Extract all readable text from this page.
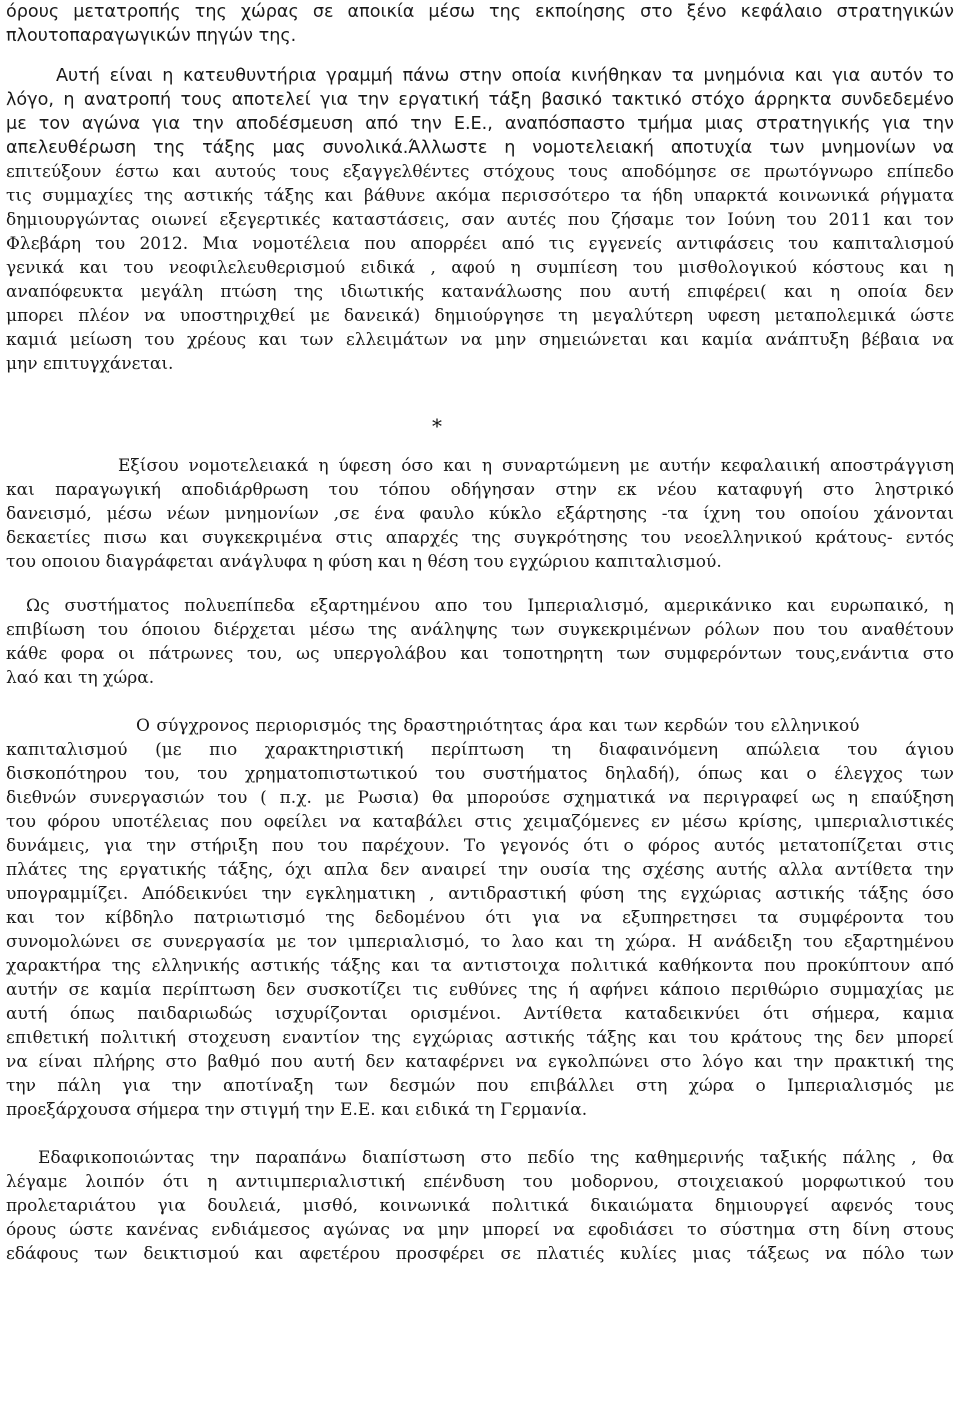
όρους μετατροπής της χώρας σε αποικία μέσω της εκποίησης στο ξένο κεφάλαιο στρατηγικών

πλουτοπαραγωγικών πηγών της.

Αυτή είναι η κατευθυντήρια γραμμή πάνω στην οποία κινήθηκαν τα μνημόνια και για αυτόν το

λόγο, η ανατροπή τους αποτελεί για την εργατική τάξη βασικό τακτικό στόχο άρρηκτα συνδεδεμένο

με τον αγώνα για την αποδέσμευση από την Ε.Ε., αναπόσπαστο τμήμα μιας στρατηγικής για την

απελευθέρωση της τάξης μας συνολικά.Άλλωστε η νομοτελειακή αποτυχία των μνημονίων να

επιτεύξουν έστω και αυτούς τους εξαγγελθέντες στόχους τους αποδόμησε σε πρωτόγνωρο επίπεδο

τις συμμαχίες της αστικής τάξης και βάθυνε ακόμα περισσότερο τα ήδη υπαρκτά κοινωνικά ρήγματα

δημιουργώντας οιωνεί εξεγερτικές καταστάσεις, σαν αυτές που ζήσαμε τον Ιούνη του 2011 και τον

Φλεβάρη του 2012. Μια νομοτέλεια που απορρέει από τις εγγενείς αντιφάσεις του καπιταλισμού

γενικά και του νεοφιλελευθερισμού ειδικά , αφού η συμπίεση του μισθολογικού κόστους και η

αναπόφευκτα μεγάλη πτώση της ιδιωτικής κατανάλωσης που αυτή επιφέρει( και η οποία δεν

μπορει πλέον να υποστηριχθεί με δανεικά) δημιούργησε τη μεγαλύτερη υφεση μεταπολεμικά ώστε

καμιά μείωση του χρέους και των ελλειμάτων να μην σημειώνεται και καμία ανάπτυξη βέβαια να

μην επιτυγχάνεται.

*

Εξίσου νομοτελειακά η ύφεση όσο και η συναρτώμενη με αυτήν κεφαλαιική αποστράγγιση

και παραγωγική αποδιάρθρωση του τόπου οδήγησαν στην εκ νέου καταφυγή στο ληστρικό

δανεισμό, μέσω νέων μνημονίων ,σε ένα φαυλο κύκλο εξάρτησης -τα ίχνη του οποίου χάνονται

δεκαετίες πισω και συγκεκριμένα στις απαρχές της συγκρότησης του νεοελληνικού κράτους- εντός

του οποιου διαγράφεται ανάγλυφα η φύση και η θέση του εγχώριου καπιταλισμού.

Ως συστήματος πολυεπίπεδα εξαρτημένου απο του Ιμπεριαλισμό, αμερικάνικο και ευρωπαικό, η

επιβίωση του όποιου διέρχεται μέσω της ανάληψης των συγκεκριμένων ρόλων που του αναθέτουν

κάθε φορα οι πάτρωνες του, ως υπεργολάβου και τοποτηρητη των συμφερόντων τους,ενάντια στο

λαό και τη χώρα.

Ο σύγχρονος περιορισμός της δραστηριότητας άρα και των κερδών του ελληνικού

καπιταλισμού (με πιο χαρακτηριστική περίπτωση τη διαφαινόμενη απώλεια του άγιου

δισκοπότηρου του, του χρηματοπιστωτικού του συστήματος δηλαδή), όπως και ο έλεγχος των

διεθνών συνεργασιών του ( π.χ. με Ρωσια) θα μπορούσε σχηματικά να περιγραφεί ως η επαύξηση

του φόρου υποτέλειας που οφείλει να καταβάλει στις χειμαζόμενες εν μέσω κρίσης, ιμπεριαλιστικές

δυνάμεις, για την στήριξη που του παρέχουν. Το γεγονός ότι ο φόρος αυτός μετατοπίζεται στις

πλάτες της εργατικής τάξης, όχι απλα δεν αναιρεί την ουσία της σχέσης αυτής αλλα αντίθετα την

υπογραμμίζει. Απόδεικνύει την εγκληματικη , αντιδραστική φύση της εγχώριας αστικής τάξης όσο

και τον κίβδηλο πατριωτισμό της δεδομένου ότι για να εξυπηρετησει τα συμφέροντα του

συνομολώνει σε συνεργασία με τον ιμπεριαλισμό, το λαο και τη χώρα. Η ανάδειξη του εξαρτημένου

χαρακτήρα της ελληνικής αστικής τάξης και τα αντιστοιχα πολιτικά καθήκοντα που προκύπτουν από

αυτήν σε καμία περίπτωση δεν συσκοτίζει τις ευθύνες της ή αφήνει κάποιο περιθώριο συμμαχίας με

αυτή όπως παιδαριωδώς ισχυρίζονται ορισμένοι. Αντίθετα καταδεικνύει ότι σήμερα, καμια

επιθετική πολιτική στοχευση εναντίον της εγχώριας αστικής τάξης και του κράτους της δεν μπορεί

να είναι πλήρης στο βαθμό που αυτή δεν καταφέρνει να εγκολπώνει στο λόγο και την πρακτική της

την πάλη για την αποτίναξη των δεσμών που επιβάλλει στη χώρα ο Ιμπεριαλισμός με

προεξάρχουσα σήμερα την στιγμή την Ε.Ε. και ειδικά τη Γερμανία.

Εδαφικοποιώντας την παραπάνω διαπίστωση στο πεδίο της καθημερινής ταξικής πάλης , θα

λέγαμε λοιπόν ότι η αντιιμπεριαλιστική επένδυση του μοδορνου, στοιχειακού μορφωτικού του

προλεταριάτου για δουλειά, μισθό, κοινωνικά πολιτικά δικαιώματα δημιουργεί αφενός τους

όρους ώστε κανένας ενδιάμεσος αγώνας να μην μπορεί να εφοδιάσει το σύστημα στη δίνη στους

εδάφους των δεικτισμού και αφετέρου προσφέρει σε πλατιές κυλίες μιας τάξεως να πόλο των
